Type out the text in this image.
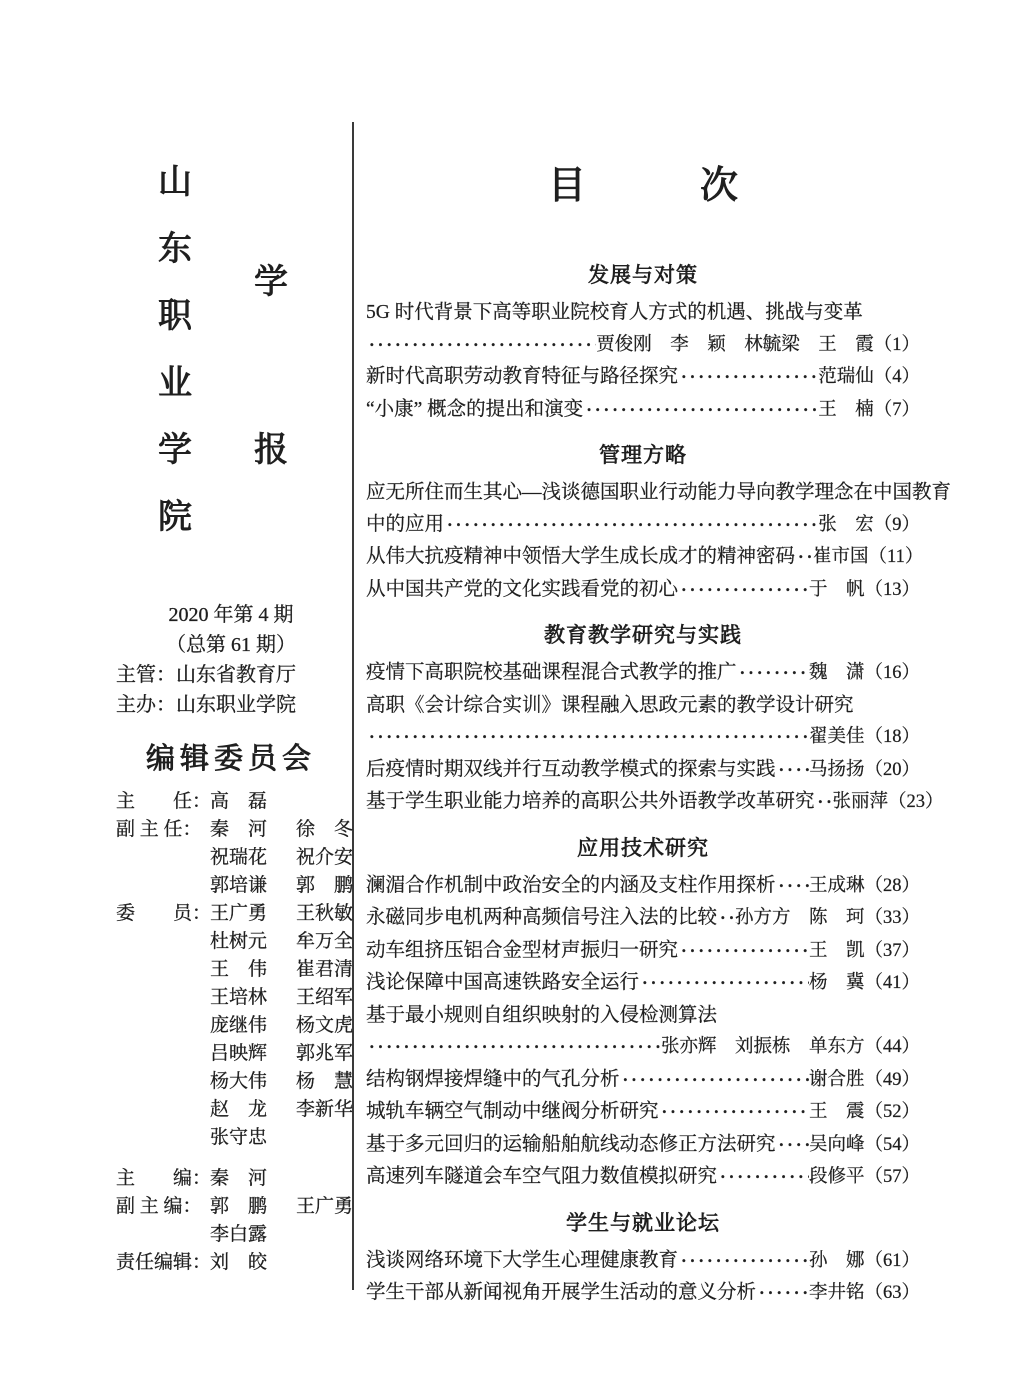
山
东
职
业
学
院
学
报
2020 年第 4 期
（总第 61 期）
主管：山东省教育厅
主办：山东职业学院
编辑委员会
主　　任：
高　磊
副 主 任： 秦　河	徐　冬
祝瑞花	祝介安
郭培谦	郭　鹏
委　　员：
王广勇	王秋敏
杜树元	牟万全
王　伟	崔君清
王培林	王绍军
庞继伟	杨文虎
吕映辉	郭兆军
杨大伟	杨　慧
赵　龙	李新华
张守忠
主　　编：
秦　河
副 主 编： 郭　鹏	王广勇
李白露
责任编辑：
刘　皎
目　　　次
发展与对策
5G 时代背景下高等职业院校育人方式的机遇、挑战与变革
·····
贾俊刚　李　颖　林毓梁　王　霞 （1）
新时代高职劳动教育特征与路径探究 ·····	范瑞仙 （4）
“小康” 概念的提出和演变 ·····	王　楠 （7）
管理方略
应无所住而生其心—浅谈德国职业行动能力导向教学理念在中国教育
中的应用 ·····	张　宏 （9）
从伟大抗疫精神中领悟大学生成长成才的精神密码 ····· 崔市国 （11）
从中国共产党的文化实践看党的初心 ·····	于　帆 （13）
教育教学研究与实践
疫情下高职院校基础课程混合式教学的推广 ·····	魏　潇 （16）
高职《会计综合实训》课程融入思政元素的教学设计研究
·····
翟美佳 （18）
后疫情时期双线并行互动教学模式的探索与实践 ····· 马扬扬 （20）
基于学生职业能力培养的高职公共外语教学改革研究 ····· 张丽萍 （23）
应用技术研究
澜湄合作机制中政治安全的内涵及支柱作用探析 ····· 王成琳 （28）
永磁同步电机两种高频信号注入法的比较 ····· 孙方方　陈　珂 （33）
动车组挤压铝合金型材声振归一研究 ·····	王　凯 （37）
浅论保障中国高速铁路安全运行 ·····	杨　冀 （41）
基于最小规则自组织映射的入侵检测算法
·····
张亦辉　刘振栋　单东方 （44）
结构钢焊接焊缝中的气孔分析 ·····	谢合胜 （49）
城轨车辆空气制动中继阀分析研究 ·····	王　震 （52）
基于多元回归的运输船舶航线动态修正方法研究 ····· 吴向峰 （54）
高速列车隧道会车空气阻力数值模拟研究 ·····	段修平 （57）
学生与就业论坛
浅谈网络环境下大学生心理健康教育 ·····	孙　娜 （61）
学生干部从新闻视角开展学生活动的意义分析 ·····	李井铭 （63）
